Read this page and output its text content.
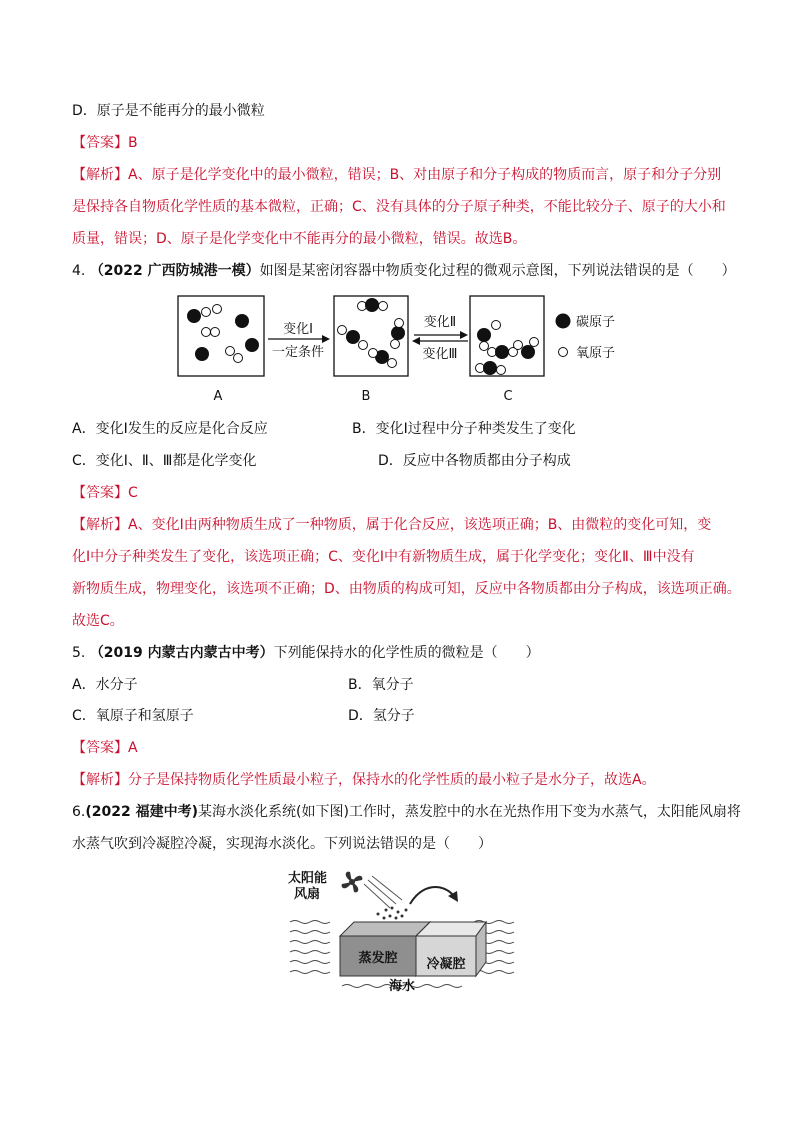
D．原子是不能再分的最小微粒
【答案】B
【解析】A、原子是化学变化中的最小微粒，错误；B、对由原子和分子构成的物质而言，原子和分子分别
是保持各自物质化学性质的基本微粒，正确；C、没有具体的分子原子种类，不能比较分子、原子的大小和
质量，错误；D、原子是化学变化中不能再分的最小微粒，错误。故选B。
4. （2022 广西防城港一模）如图是某密闭容器中物质变化过程的微观示意图，下列说法错误的是（　　）
A
变化Ⅰ
一定条件
B
变化Ⅱ
变化Ⅲ
C
碳原子
氧原子
A．变化Ⅰ发生的反应是化合反应	B．变化Ⅰ过程中分子种类发生了变化
C．变化Ⅰ、Ⅱ、Ⅲ都是化学变化	D．反应中各物质都由分子构成
【答案】C
【解析】A、变化Ⅰ由两种物质生成了一种物质，属于化合反应，该选项正确；B、由微粒的变化可知，变
化Ⅰ中分子种类发生了变化，该选项正确；C、变化Ⅰ中有新物质生成，属于化学变化；变化Ⅱ、Ⅲ中没有
新物质生成，物理变化，该选项不正确；D、由物质的构成可知，反应中各物质都由分子构成，该选项正确。
故选C。
5. （2019 内蒙古内蒙古中考）下列能保持水的化学性质的微粒是（　　）
A．水分子	B．氧分子
C．氧原子和氢原子	D．氢分子
【答案】A
【解析】分子是保持物质化学性质最小粒子，保持水的化学性质的最小粒子是水分子，故选A。
6.(2022 福建中考)某海水淡化系统(如下图)工作时，蒸发腔中的水在光热作用下变为水蒸气，太阳能风扇将
水蒸气吹到冷凝腔冷凝，实现海水淡化。下列说法错误的是（　　）
太阳能
风扇
蒸发腔 冷凝腔
海水
